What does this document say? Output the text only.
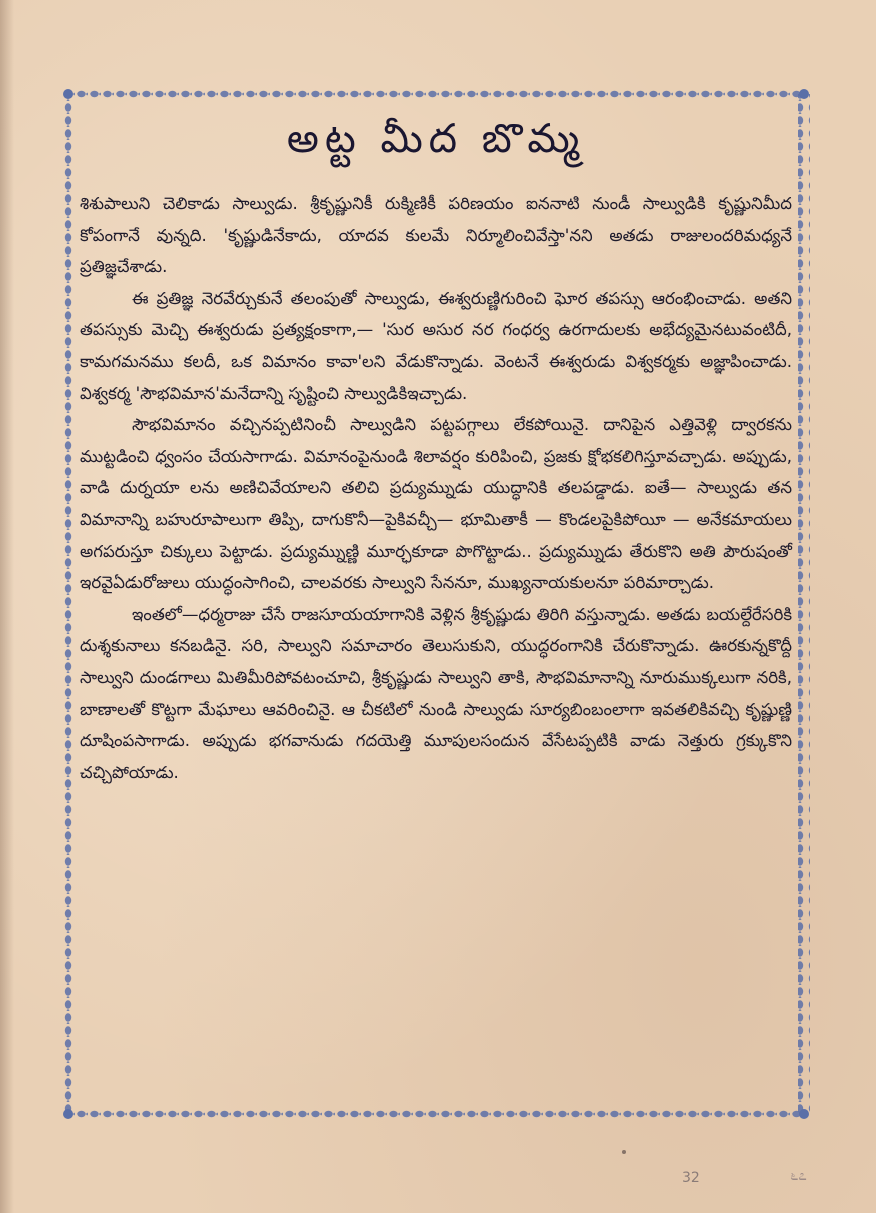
అట్ట మీద బొమ్మ

శిశుపాలుని చెలికాడు సాల్వుడు. శ్రీకృష్ణునికీ రుక్మిణికీ పరిణయం ఐననాటి నుండీ సాల్వుడికి కృష్ణునిమీద కోపంగానే వున్నది. 'కృష్ణుడినేకాదు, యాదవ కులమే నిర్మూలించివేస్తా'నని అతడు రాజులందరిమధ్యనే ప్రతిజ్ఞచేశాడు.

ఈ ప్రతిజ్ఞ నెరవేర్చుకునే తలంపుతో సాల్వుడు, ఈశ్వరుణ్ణిగురించి ఘోర తపస్సు ఆరంభించాడు. అతని తపస్సుకు మెచ్చి ఈశ్వరుడు ప్రత్యక్షంకాగా,— 'సుర అసుర నర గంధర్వ ఉరగాదులకు అభేద్యమైనటువంటిదీ, కామగమనము కలదీ, ఒక విమానం కావా'లని వేడుకొన్నాడు. వెంటనే ఈశ్వరుడు విశ్వకర్మకు అజ్ఞాపించాడు. విశ్వకర్మ 'సౌభవిమాన'మనేదాన్ని సృష్టించి సాల్వుడికిఇచ్చాడు.

సౌభవిమానం వచ్చినప్పటినించీ సాల్వుడిని పట్టపగ్గాలు లేకపోయినై. దానిపైన ఎత్తివెళ్లి ద్వారకను ముట్టడించి ధ్వంసం చేయసాగాడు. విమానంపైనుండి శిలావర్షం కురిపించి, ప్రజకు క్షోభకలిగిస్తూవచ్చాడు. అప్పుడు, వాడి దుర్నయా లను అణిచివేయాలని తలిచి ప్రద్యుమ్నుడు యుద్ధానికి తలపడ్డాడు. ఐతే— సాల్వుడు తన విమానాన్ని బహురూపాలుగా తిప్పి, దాగుకొనీ—పైకివచ్చీ— భూమితాకీ — కొండలపైకిపోయీ — అనేకమాయలు అగపరుస్తూ చిక్కులు పెట్టాడు. ప్రద్యుమ్నుణ్ణి మూర్ఛకూడా పొగొట్టాడు.. ప్రద్యుమ్నుడు తేరుకొని అతి పౌరుషంతో ఇరవైఏడురోజులు యుద్ధంసాగించి, చాలవరకు సాల్వుని సేననూ, ముఖ్యనాయకులనూ పరిమార్చాడు.

ఇంతలో—ధర్మరాజు చేసే రాజసూయయాగానికి వెళ్లిన శ్రీకృష్ణుడు తిరిగి వస్తున్నాడు. అతడు బయల్దేరేసరికి దుశ్శకునాలు కనబడినై. సరి, సాల్వుని సమాచారం తెలుసుకుని, యుద్ధరంగానికి చేరుకొన్నాడు. ఊరకున్నకొద్దీ సాల్వుని దుండగాలు మితిమీరిపోవటంచూచి, శ్రీకృష్ణుడు సాల్వుని తాకి, సౌభవిమానాన్ని నూరుముక్కలుగా నరికి, బాణాలతో కొట్టగా మేఘాలు ఆవరించినై. ఆ చీకటిలో నుండి సాల్వుడు సూర్యబింబంలాగా ఇవతలికివచ్చి కృష్ణుణ్ణి దూషింపసాగాడు. అప్పుడు భగవానుడు గదయెత్తి మూపులసందున వేసేటప్పటికి వాడు నెత్తురు గ్రక్కుకొని చచ్చిపోయాడు.

32	೬೭
